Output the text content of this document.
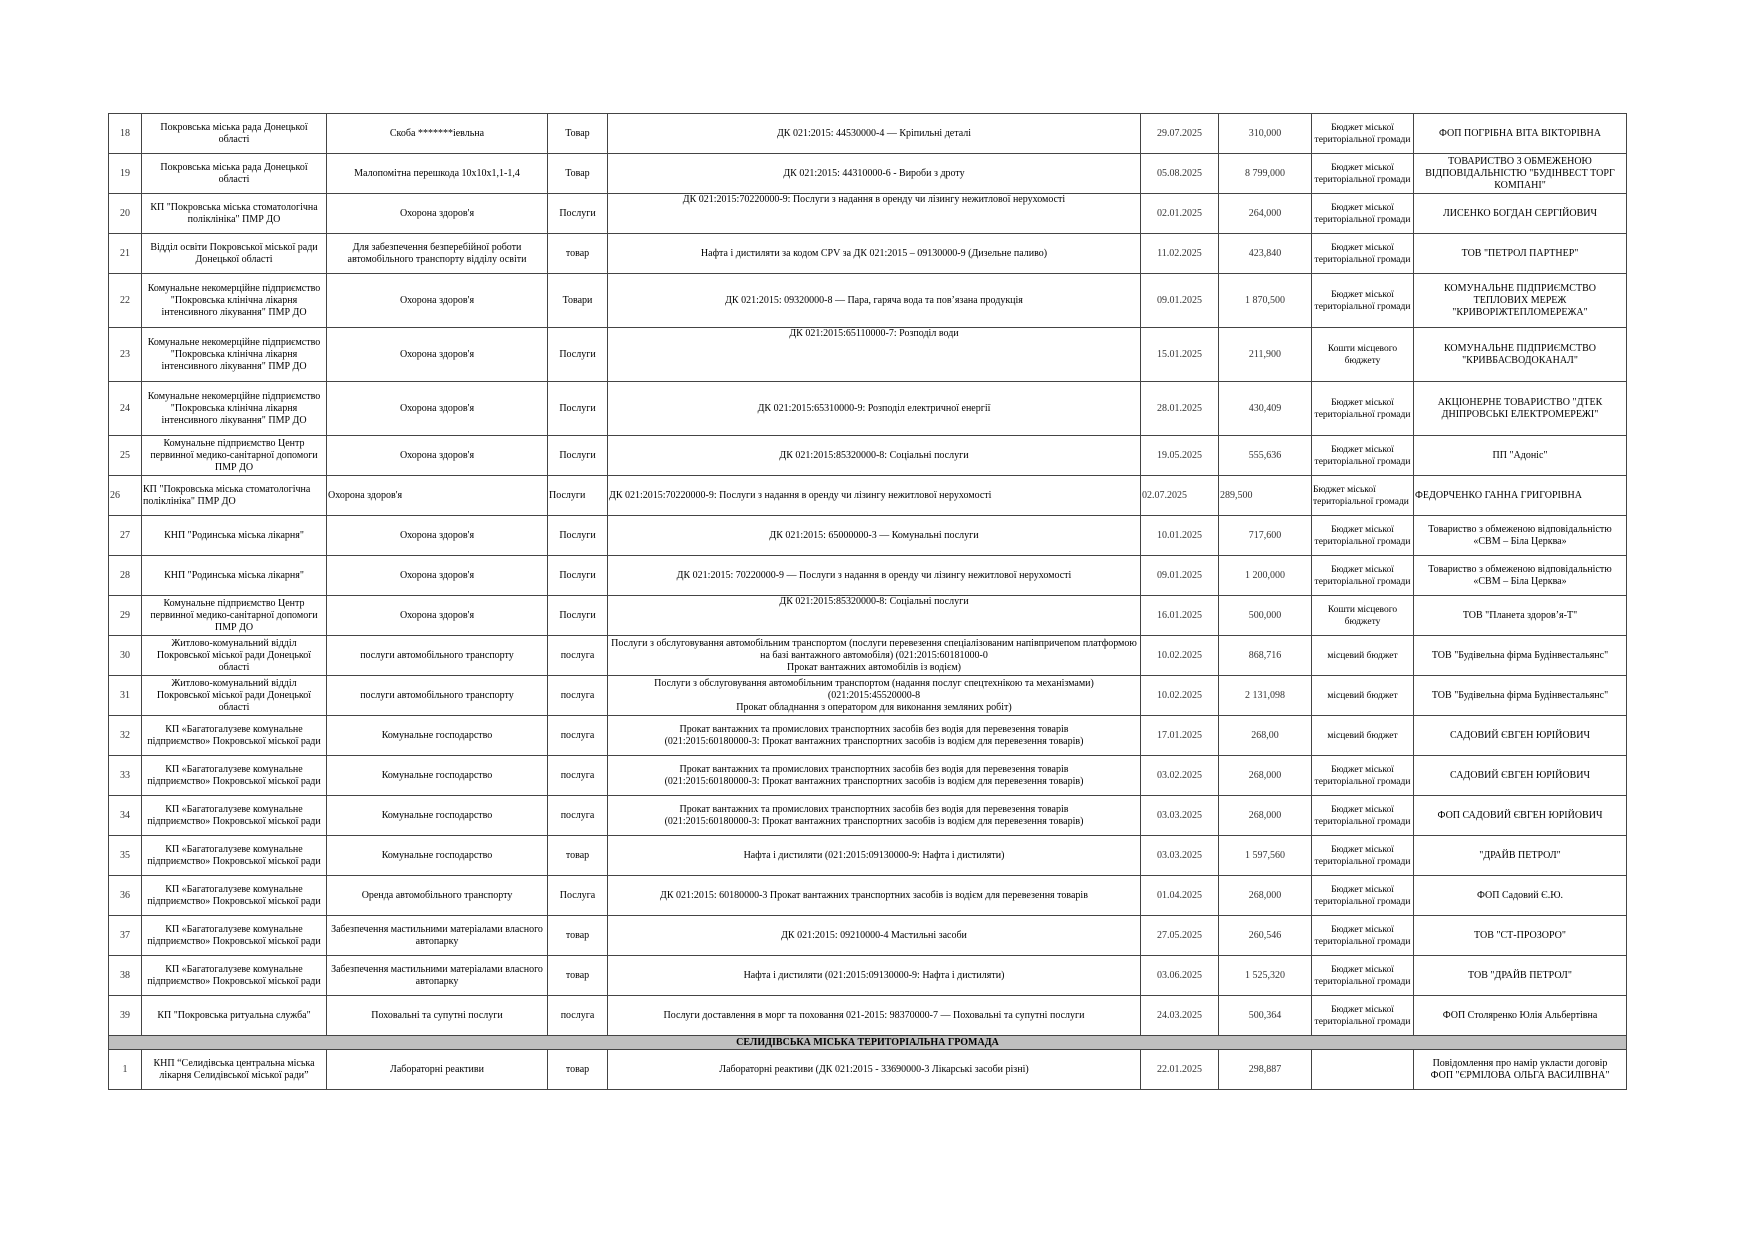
18	Покровська міська рада Донецької області	Скоба *******іевльна	Товар	ДК 021:2015: 44530000-4 — Кріпильні деталі	29.07.2025	310,000	Бюджет міської територіальної громади	ФОП ПОГРІБНА ВІТА ВІКТОРІВНА
19	Покровська міська рада Донецької області	Малопомітна перешкода 10х10х1,1-1,4	Товар	ДК 021:2015: 44310000-6 - Вироби з дроту	05.08.2025	8 799,000	Бюджет міської територіальної громади	ТОВАРИСТВО З ОБМЕЖЕНОЮ ВІДПОВІДАЛЬНІСТЮ "БУДІНВЕСТ ТОРГ КОМПАНІ"
20	КП "Покровська міська стоматологічна поліклініка" ПМР ДО	Охорона здоров'я	Послуги	ДК 021:2015:70220000-9: Послуги з надання в оренду чи лізингу нежитлової нерухомості	02.01.2025	264,000	Бюджет міської територіальної громади	ЛИСЕНКО БОГДАН СЕРГІЙОВИЧ
21	Відділ освіти Покровської міської ради Донецької області	Для забезпечення безперебійної роботи автомобільного транспорту відділу освіти	товар	Нафта і дистиляти за кодом CPV за ДК 021:2015 – 09130000-9 (Дизельне паливо)	11.02.2025	423,840	Бюджет міської територіальної громади	ТОВ "ПЕТРОЛ ПАРТНЕР"
22	Комунальне некомерційне підприємство "Покровська клінічна лікарня інтенсивного лікування" ПМР ДО	Охорона здоров'я	Товари	ДК 021:2015: 09320000-8 — Пара, гаряча вода та пов’язана продукція	09.01.2025	1 870,500	Бюджет міської територіальної громади	КОМУНАЛЬНЕ ПІДПРИЄМСТВО ТЕПЛОВИХ МЕРЕЖ "КРИВОРІЖТЕПЛОМЕРЕЖА"
23	Комунальне некомерційне підприємство "Покровська клінічна лікарня інтенсивного лікування" ПМР ДО	Охорона здоров'я	Послуги	ДК 021:2015:65110000-7: Розподіл води	15.01.2025	211,900	Кошти місцевого бюджету	КОМУНАЛЬНЕ ПІДПРИЄМСТВО "КРИВБАСВОДОКАНАЛ"
24	Комунальне некомерційне підприємство "Покровська клінічна лікарня інтенсивного лікування" ПМР ДО	Охорона здоров'я	Послуги	ДК 021:2015:65310000-9: Розподіл електричної енергії	28.01.2025	430,409	Бюджет міської територіальної громади	АКЦІОНЕРНЕ ТОВАРИСТВО "ДТЕК ДНІПРОВСЬКІ ЕЛЕКТРОМЕРЕЖІ"
25	Комунальне підприємство Центр первинної медико-санітарної допомоги ПМР ДО	Охорона здоров'я	Послуги	ДК 021:2015:85320000-8: Соціальні послуги	19.05.2025	555,636	Бюджет міської територіальної громади	ПП "Адоніс"
26	КП "Покровська міська стоматологічна поліклініка" ПМР ДО	Охорона здоров'я	Послуги	ДК 021:2015:70220000-9: Послуги з надання в оренду чи лізингу нежитлової нерухомості	02.07.2025	289,500	Бюджет міської територіальної громади	ФЕДОРЧЕНКО ГАННА ГРИГОРІВНА
27	КНП "Родинська міська лікарня"	Охорона здоров'я	Послуги	ДК 021:2015: 65000000-3 — Комунальні послуги	10.01.2025	717,600	Бюджет міської територіальної громади	Товариство з обмеженою відповідальністю «СВМ – Біла Церква»
28	КНП "Родинська міська лікарня"	Охорона здоров'я	Послуги	ДК 021:2015: 70220000-9 — Послуги з надання в оренду чи лізингу нежитлової нерухомості	09.01.2025	1 200,000	Бюджет міської територіальної громади	Товариство з обмеженою відповідальністю «СВМ – Біла Церква»
29	Комунальне підприємство Центр первинної медико-санітарної допомоги ПМР ДО	Охорона здоров'я	Послуги	ДК 021:2015:85320000-8: Соціальні послуги	16.01.2025	500,000	Кошти місцевого бюджету	ТОВ "Планета здоров’я-Т"
30	Житлово-комунальний відділ Покровської міської ради Донецької області	послуги автомобільного транспорту	послуга	Послуги з обслуговування автомобільним транспортом (послуги перевезення спеціалізованим напівпричепом платформою на базі вантажного автомобіля) (021:2015:60181000-0
Прокат вантажних автомобілів із водієм)	10.02.2025	868,716	місцевий бюджет	ТОВ "Будівельна фірма Будінвестальянс"
31	Житлово-комунальний відділ Покровської міської ради Донецької області	послуги автомобільного транспорту	послуга	Послуги з обслуговування автомобільним транспортом (надання послуг спецтехнікою та механізмами)
(021:2015:45520000-8
Прокат обладнання з оператором для виконання земляних робіт)	10.02.2025	2 131,098	місцевий бюджет	ТОВ "Будівельна фірма Будінвестальянс"
32	КП «Багатогалузеве комунальне підприємство» Покровської міської ради	Комунальне господарство	послуга	Прокат вантажних та промислових транспортних засобів без водія для перевезення товарів
(021:2015:60180000-3: Прокат вантажних транспортних засобів із водієм для перевезення товарів)	17.01.2025	268,00	місцевий бюджет	САДОВИЙ ЄВГЕН ЮРІЙОВИЧ
33	КП «Багатогалузеве комунальне підприємство» Покровської міської ради	Комунальне господарство	послуга	Прокат вантажних та промислових транспортних засобів без водія для перевезення товарів
(021:2015:60180000-3: Прокат вантажних транспортних засобів із водієм для перевезення товарів)	03.02.2025	268,000	Бюджет міської територіальної громади	САДОВИЙ ЄВГЕН ЮРІЙОВИЧ
34	КП «Багатогалузеве комунальне підприємство» Покровської міської ради	Комунальне господарство	послуга	Прокат вантажних та промислових транспортних засобів без водія для перевезення товарів
(021:2015:60180000-3: Прокат вантажних транспортних засобів із водієм для перевезення товарів)	03.03.2025	268,000	Бюджет міської територіальної громади	ФОП САДОВИЙ ЄВГЕН ЮРІЙОВИЧ
35	КП «Багатогалузеве комунальне підприємство» Покровської міської ради	Комунальне господарство	товар	Нафта і дистиляти (021:2015:09130000-9: Нафта і дистиляти)	03.03.2025	1 597,560	Бюджет міської територіальної громади	"ДРАЙВ ПЕТРОЛ"
36	КП «Багатогалузеве комунальне підприємство» Покровської міської ради	Оренда автомобільного транспорту	Послуга	ДК 021:2015: 60180000-3 Прокат вантажних транспортних засобів із водієм для перевезення товарів	01.04.2025	268,000	Бюджет міської територіальної громади	ФОП Садовий Є.Ю.
37	КП «Багатогалузеве комунальне підприємство» Покровської міської ради	Забезпечення мастильними матеріалами власного автопарку	товар	ДК 021:2015: 09210000-4 Мастильні засоби	27.05.2025	260,546	Бюджет міської територіальної громади	ТОВ "СТ-ПРОЗОРО"
38	КП «Багатогалузеве комунальне підприємство» Покровської міської ради	Забезпечення мастильними матеріалами власного автопарку	товар	Нафта і дистиляти (021:2015:09130000-9: Нафта і дистиляти)	03.06.2025	1 525,320	Бюджет міської територіальної громади	ТОВ "ДРАЙВ ПЕТРОЛ"
39	КП "Покровська ритуальна служба"	Поховальні та супутні послуги	послуга	Послуги доставлення в морг та поховання 021-2015: 98370000-7 — Поховальні та супутні послуги	24.03.2025	500,364	Бюджет міської територіальної громади	ФОП Столяренко Юлія Альбертівна
СЕЛИДІВСЬКА МІСЬКА ТЕРИТОРІАЛЬНА ГРОМАДА								
1	КНП “Селидівська центральна міська лікарня Селидівської міської ради”	Лабораторні реактиви	товар	Лабораторні реактиви (ДК 021:2015 - 33690000-3 Лікарські засоби різні)	22.01.2025	298,887		Повідомлення про намір укласти договір
ФОП "ЄРМІЛОВА ОЛЬГА ВАСИЛІВНА"
